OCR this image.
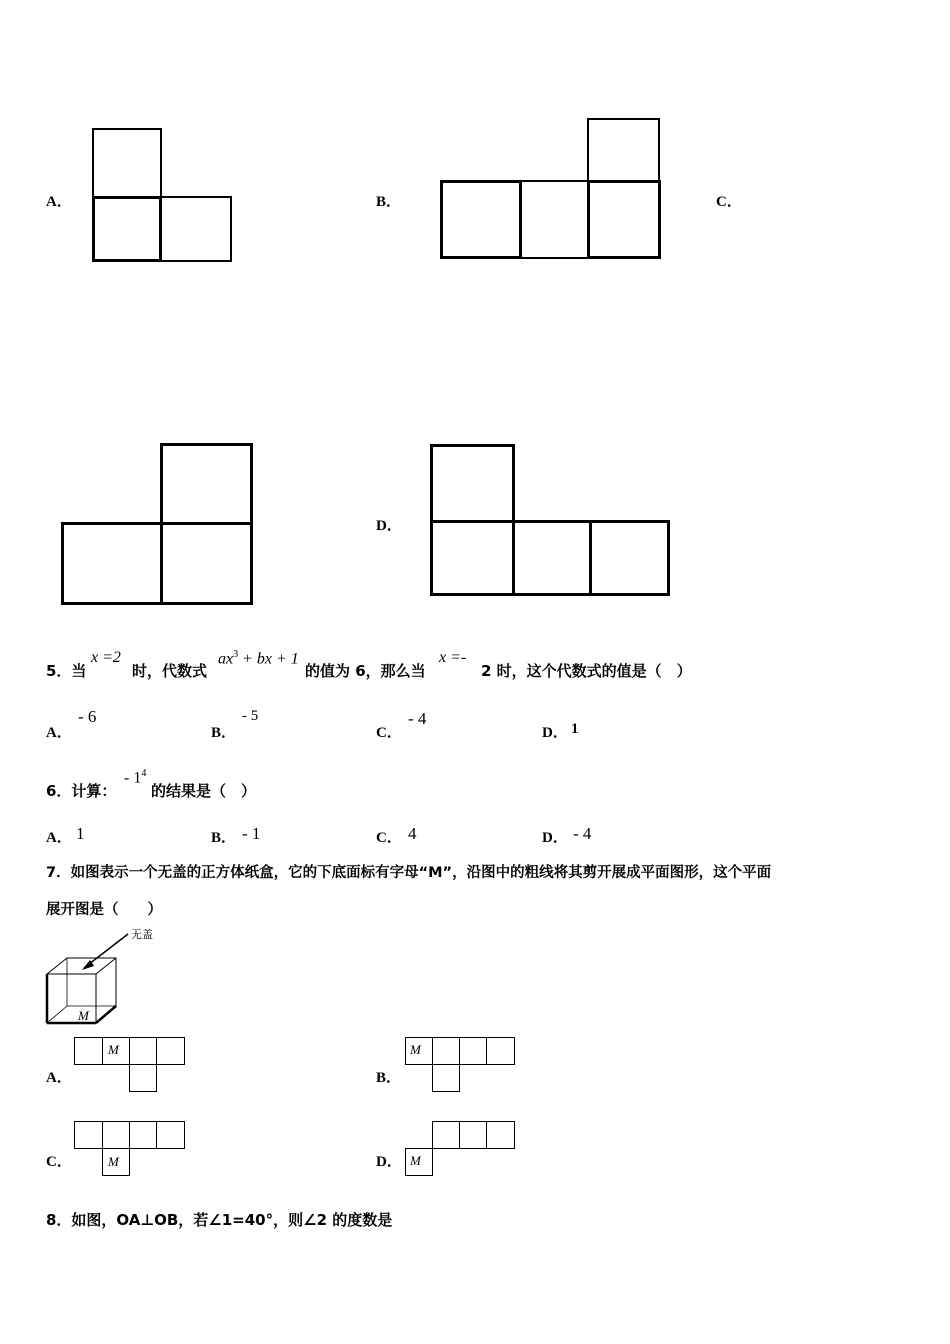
A．	B．	C．
D．
5．当
x =2
时，代数式
$ax^3$ + bx + 1
的值为 6，那么当
x =-
2 时，这个代数式的值是（　）
A．
- 6
B．
- 5
C．
- 4
D． 1
6．计算：
- $1^4$
的结果是（　）
A． 1	B． - 1	C． 4	D． - 4
7．如图表示一个无盖的正方体纸盒，它的下底面标有字母“M”，沿图中的粗线将其剪开展成平面图形，这个平面
展开图是（　　）
无盖
M
A．
M
B．
M
C．	M	D． M
8．如图，OA⊥OB，若∠1=40°，则∠2 的度数是
